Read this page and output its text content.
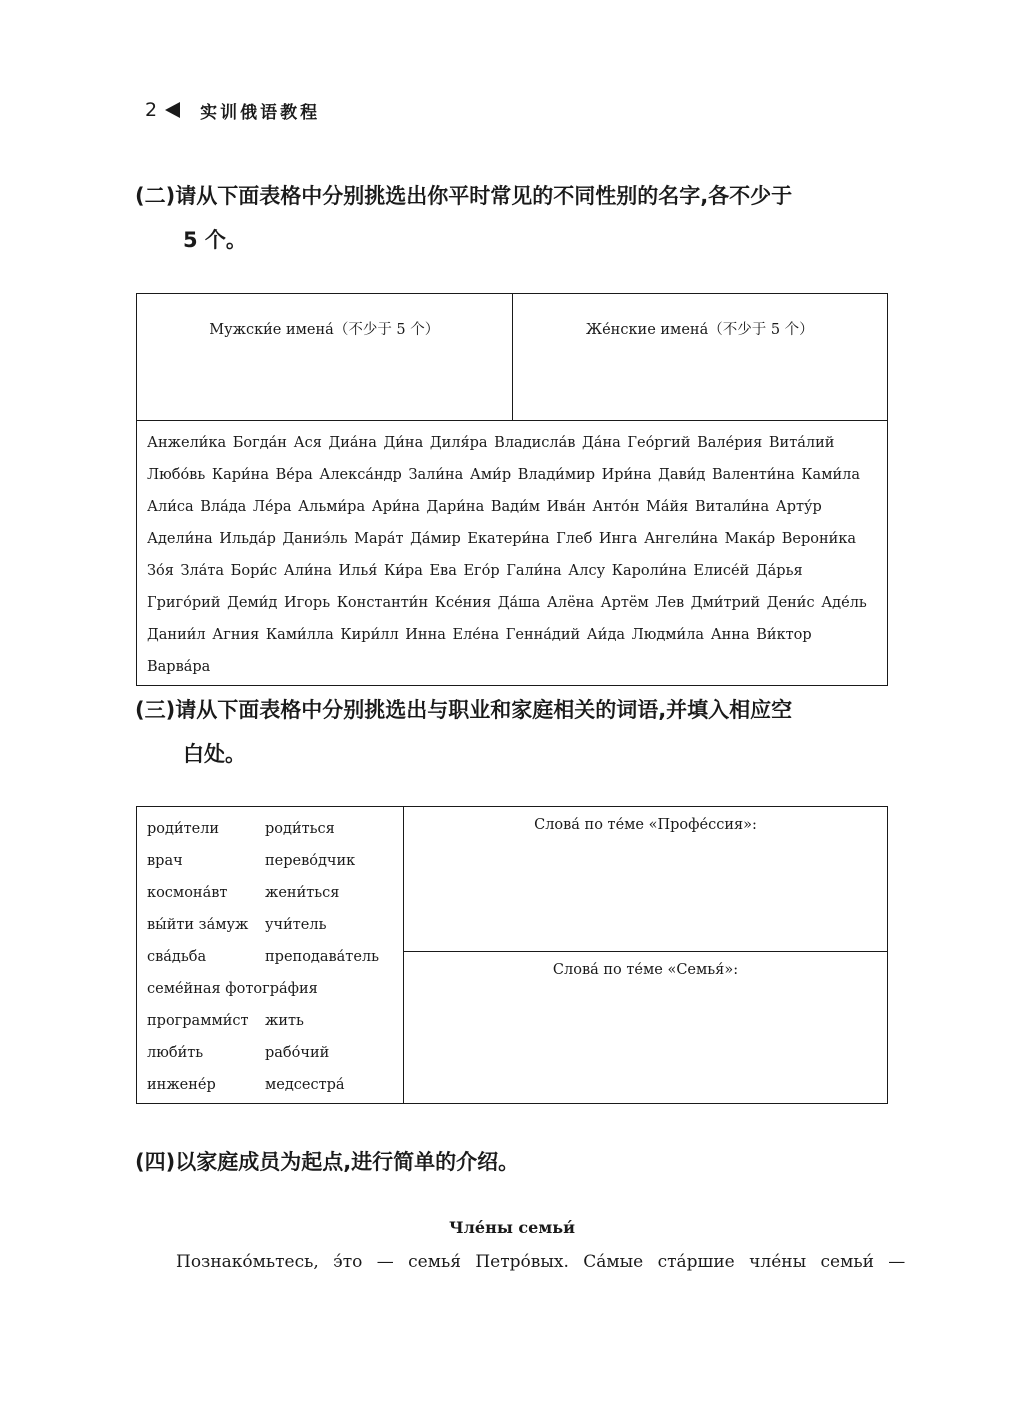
2	实训俄语教程
(二)请从下面表格中分别挑选出你平时常见的不同性别的名字,各不少于
5 个。
Мужски́е имена́（不少于 5 个）	Же́нские имена́（不少于 5 个）
Анжели́ка Богда́н Ася Диа́на Ди́на Диля́ра Владисла́в Да́на Гео́ргий Вале́рия Вита́лий Любо́вь Кари́на Ве́ра Алекса́ндр Зали́на Ами́р Влади́мир Ири́на Дави́д Валенти́на Ками́ла Али́са Вла́да Ле́ра Альми́ра Ари́на Дари́на Вади́м Ива́н Анто́н Ма́йя Витали́на Арту́р Адели́на Ильда́р Даниэ́ль Мара́т Да́мир Екатери́на Глеб Инга Ангели́на Мака́р Верони́ка Зо́я Зла́та Бори́с Али́на Илья́ Ки́ра Ева Его́р Гали́на Алсу Кароли́на Елисе́й Да́рья Григо́рий Деми́д Игорь Константи́н Ксе́ния Да́ша Алёна Артём Лев Дми́трий Дени́с Аде́ль Дании́л Агния Ками́лла Кири́лл Инна Еле́на Генна́дий Аи́да Людми́ла Анна Ви́ктор Варва́ра
(三)请从下面表格中分别挑选出与职业和家庭相关的词语,并填入相应空
白处。
роди́тели	роди́ться
врач	перево́дчик
космона́вт	жени́ться
вы́йти за́муж	учи́тель
сва́дьба	преподава́тель
семе́йная фотогра́фия
программи́ст	жить
люби́ть	рабо́чий
инжене́р	медсестра́
	Слова́ по те́ме «Профе́ссия»:
Слова́ по те́ме «Семья́»:
(四)以家庭成员为起点,进行简单的介绍。
Чле́ны семьи́
Познако́мьтесь, э́то — семья́ Петро́вых. Са́мые ста́ршие чле́ны семьи́ —
